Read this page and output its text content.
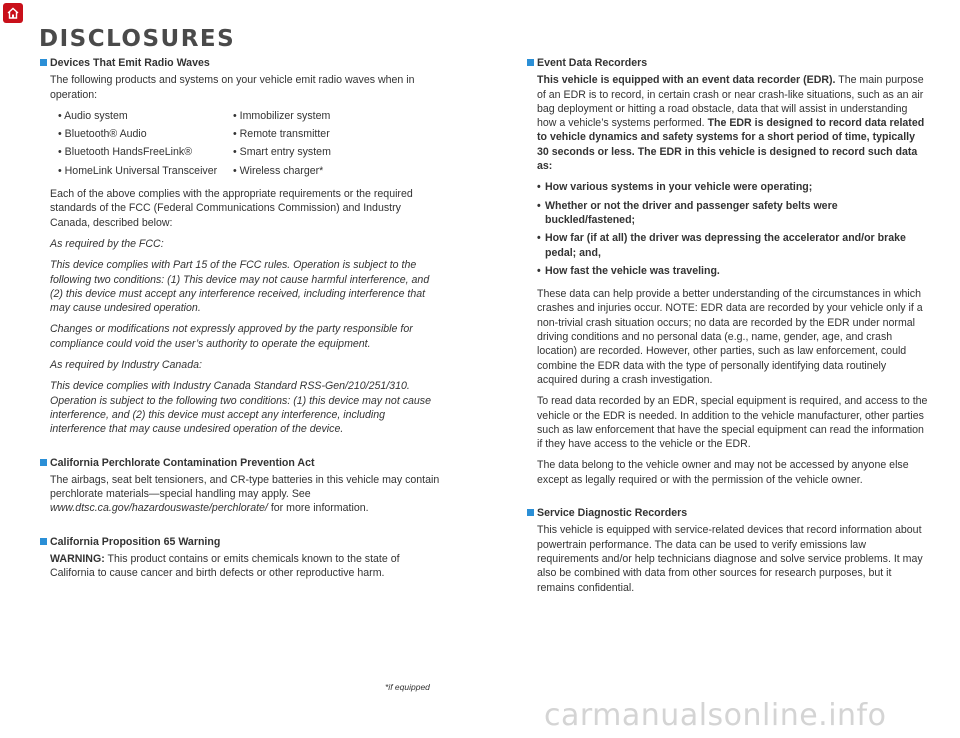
DISCLOSURES
Devices That Emit Radio Waves

The following products and systems on your vehicle emit radio waves when in operation:

• Audio system	• Immobilizer system
• Bluetooth® Audio	• Remote transmitter
• Bluetooth HandsFreeLink®	• Smart entry system
• HomeLink Universal Transceiver	• Wireless charger*

Each of the above complies with the appropriate requirements or the required standards of the FCC (Federal Communications Commission) and Industry Canada, described below:

As required by the FCC:

This device complies with Part 15 of the FCC rules. Operation is subject to the following two conditions: (1) This device may not cause harmful interference, and (2) this device must accept any interference received, including interference that may cause undesired operation.

Changes or modifications not expressly approved by the party responsible for compliance could void the user’s authority to operate the equipment.

As required by Industry Canada:

This device complies with Industry Canada Standard RSS-Gen/210/251/310. Operation is subject to the following two conditions: (1) this device may not cause interference, and (2) this device must accept any interference, including interference that may cause undesired operation of the device.

California Perchlorate Contamination Prevention Act

The airbags, seat belt tensioners, and CR-type batteries in this vehicle may contain perchlorate materials—special handling may apply. See www.dtsc.ca.gov/hazardouswaste/perchlorate/ for more information.

California Proposition 65 Warning

WARNING: This product contains or emits chemicals known to the state of California to cause cancer and birth defects or other reproductive harm.

Event Data Recorders

This vehicle is equipped with an event data recorder (EDR). The main purpose of an EDR is to record, in certain crash or near crash-like situations, such as an air bag deployment or hitting a road obstacle, data that will assist in understanding how a vehicle’s systems performed. The EDR is designed to record data related to vehicle dynamics and safety systems for a short period of time, typically 30 seconds or less. The EDR in this vehicle is designed to record such data as:

• How various systems in your vehicle were operating;
• Whether or not the driver and passenger safety belts were buckled/fastened;
• How far (if at all) the driver was depressing the accelerator and/or brake pedal; and,
• How fast the vehicle was traveling.

These data can help provide a better understanding of the circumstances in which crashes and injuries occur. NOTE: EDR data are recorded by your vehicle only if a non-trivial crash situation occurs; no data are recorded by the EDR under normal driving conditions and no personal data (e.g., name, gender, age, and crash location) are recorded. However, other parties, such as law enforcement, could combine the EDR data with the type of personally identifying data routinely acquired during a crash investigation.

To read data recorded by an EDR, special equipment is required, and access to the vehicle or the EDR is needed. In addition to the vehicle manufacturer, other parties such as law enforcement that have the special equipment can read the information if they have access to the vehicle or the EDR.

The data belong to the vehicle owner and may not be accessed by anyone else except as legally required or with the permission of the vehicle owner.

Service Diagnostic Recorders

This vehicle is equipped with service-related devices that record information about powertrain performance. The data can be used to verify emissions law requirements and/or help technicians diagnose and solve service problems. It may also be combined with data from other sources for research purposes, but it remains confidential.

*if equipped
carmanualsonline.info
